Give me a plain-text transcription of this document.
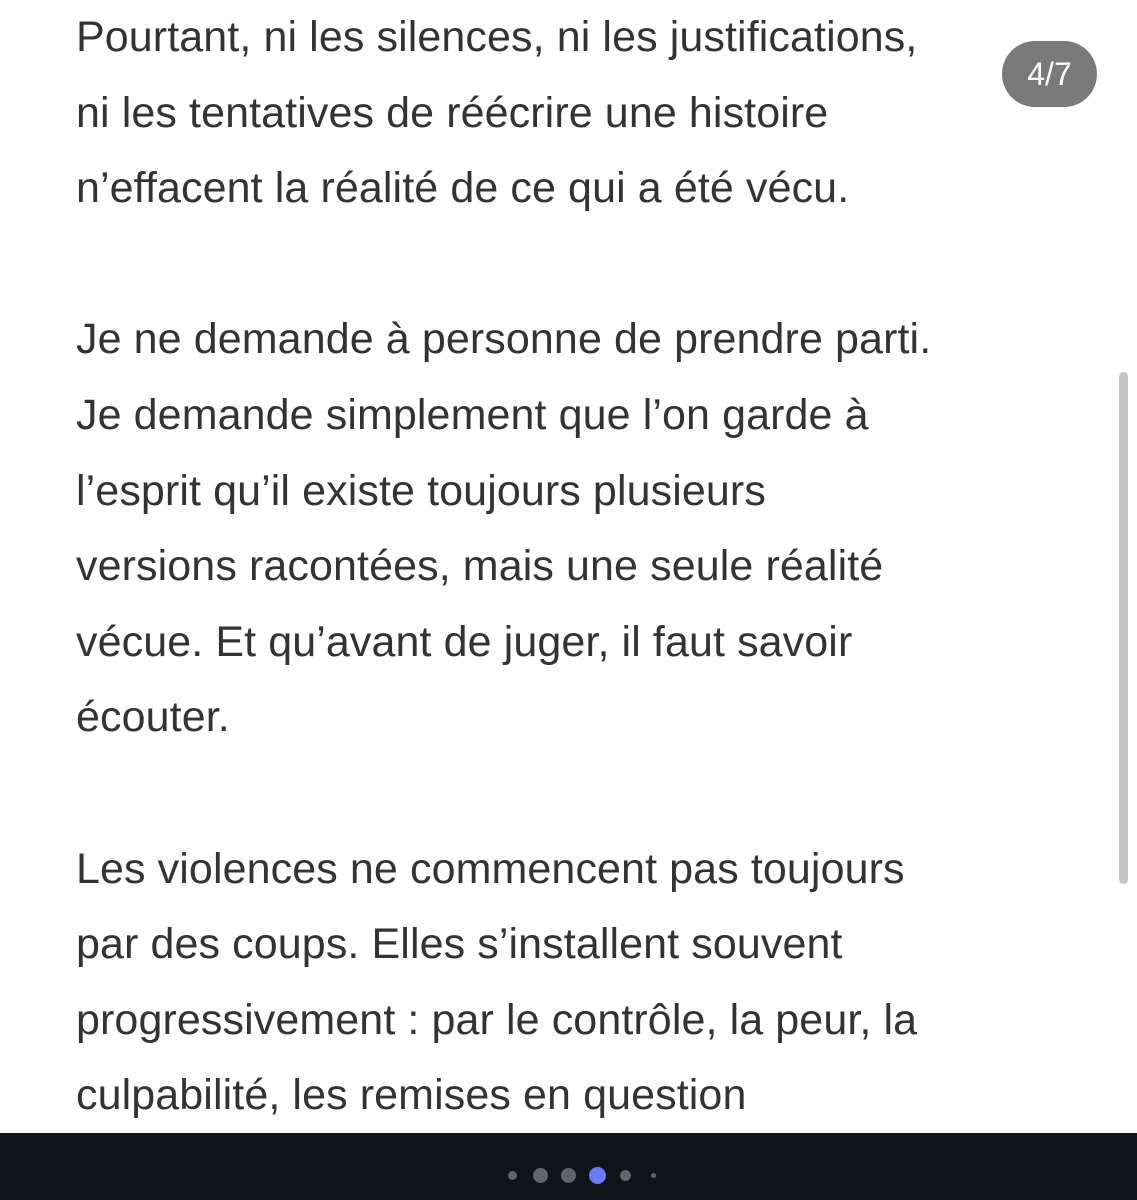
Pourtant, ni les silences, ni les justifications,
ni les tentatives de réécrire une histoire
n’effacent la réalité de ce qui a été vécu.

Je ne demande à personne de prendre parti.
Je demande simplement que l’on garde à
l’esprit qu’il existe toujours plusieurs
versions racontées, mais une seule réalité
vécue. Et qu’avant de juger, il faut savoir
écouter.

Les violences ne commencent pas toujours
par des coups. Elles s’installent souvent
progressivement : par le contrôle, la peur, la
culpabilité, les remises en question

4/7
